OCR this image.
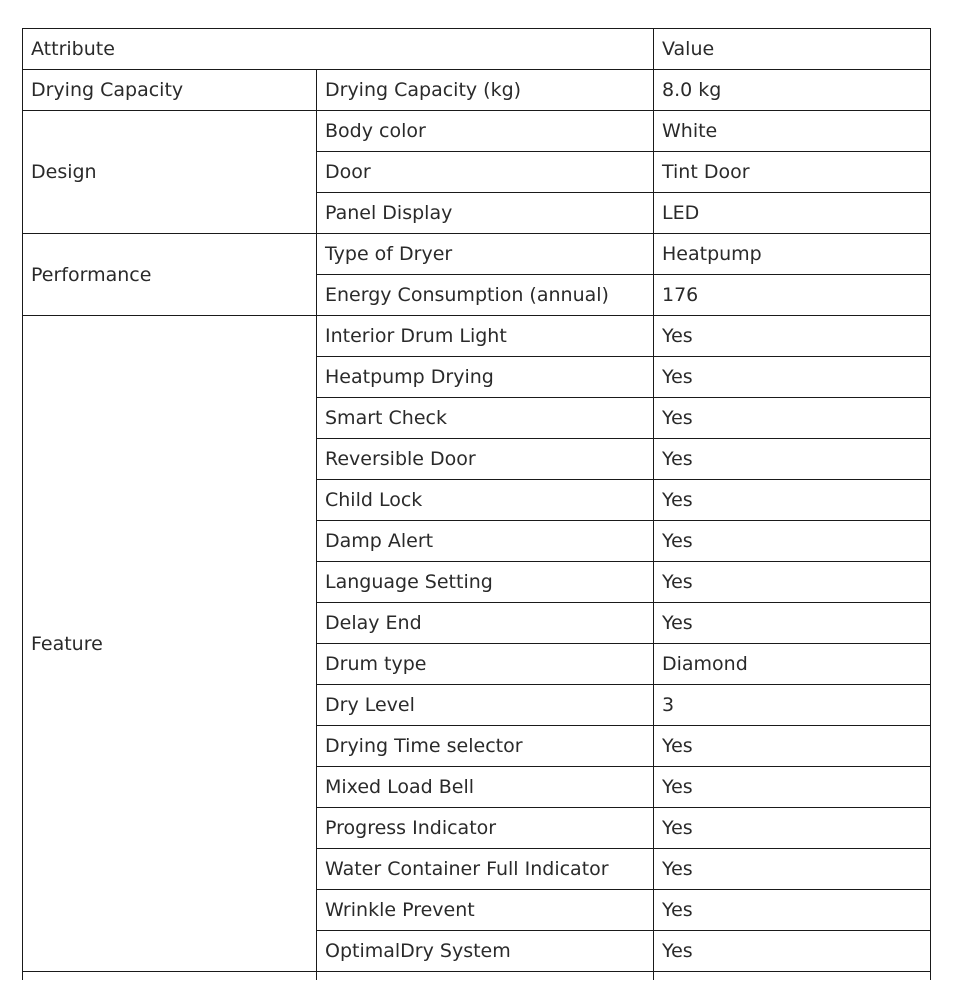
Attribute		Value
Drying Capacity	Drying Capacity (kg)	8.0 kg
Design	Body color	White
	Door	Tint Door
	Panel Display	LED
Performance	Type of Dryer	Heatpump
	Energy Consumption (annual)	176
Feature	Interior Drum Light	Yes
	Heatpump Drying	Yes
	Smart Check	Yes
	Reversible Door	Yes
	Child Lock	Yes
	Damp Alert	Yes
	Language Setting	Yes
	Delay End	Yes
	Drum type	Diamond
	Dry Level	3
	Drying Time selector	Yes
	Mixed Load Bell	Yes
	Progress Indicator	Yes
	Water Container Full Indicator	Yes
	Wrinkle Prevent	Yes
	OptimalDry System	Yes
